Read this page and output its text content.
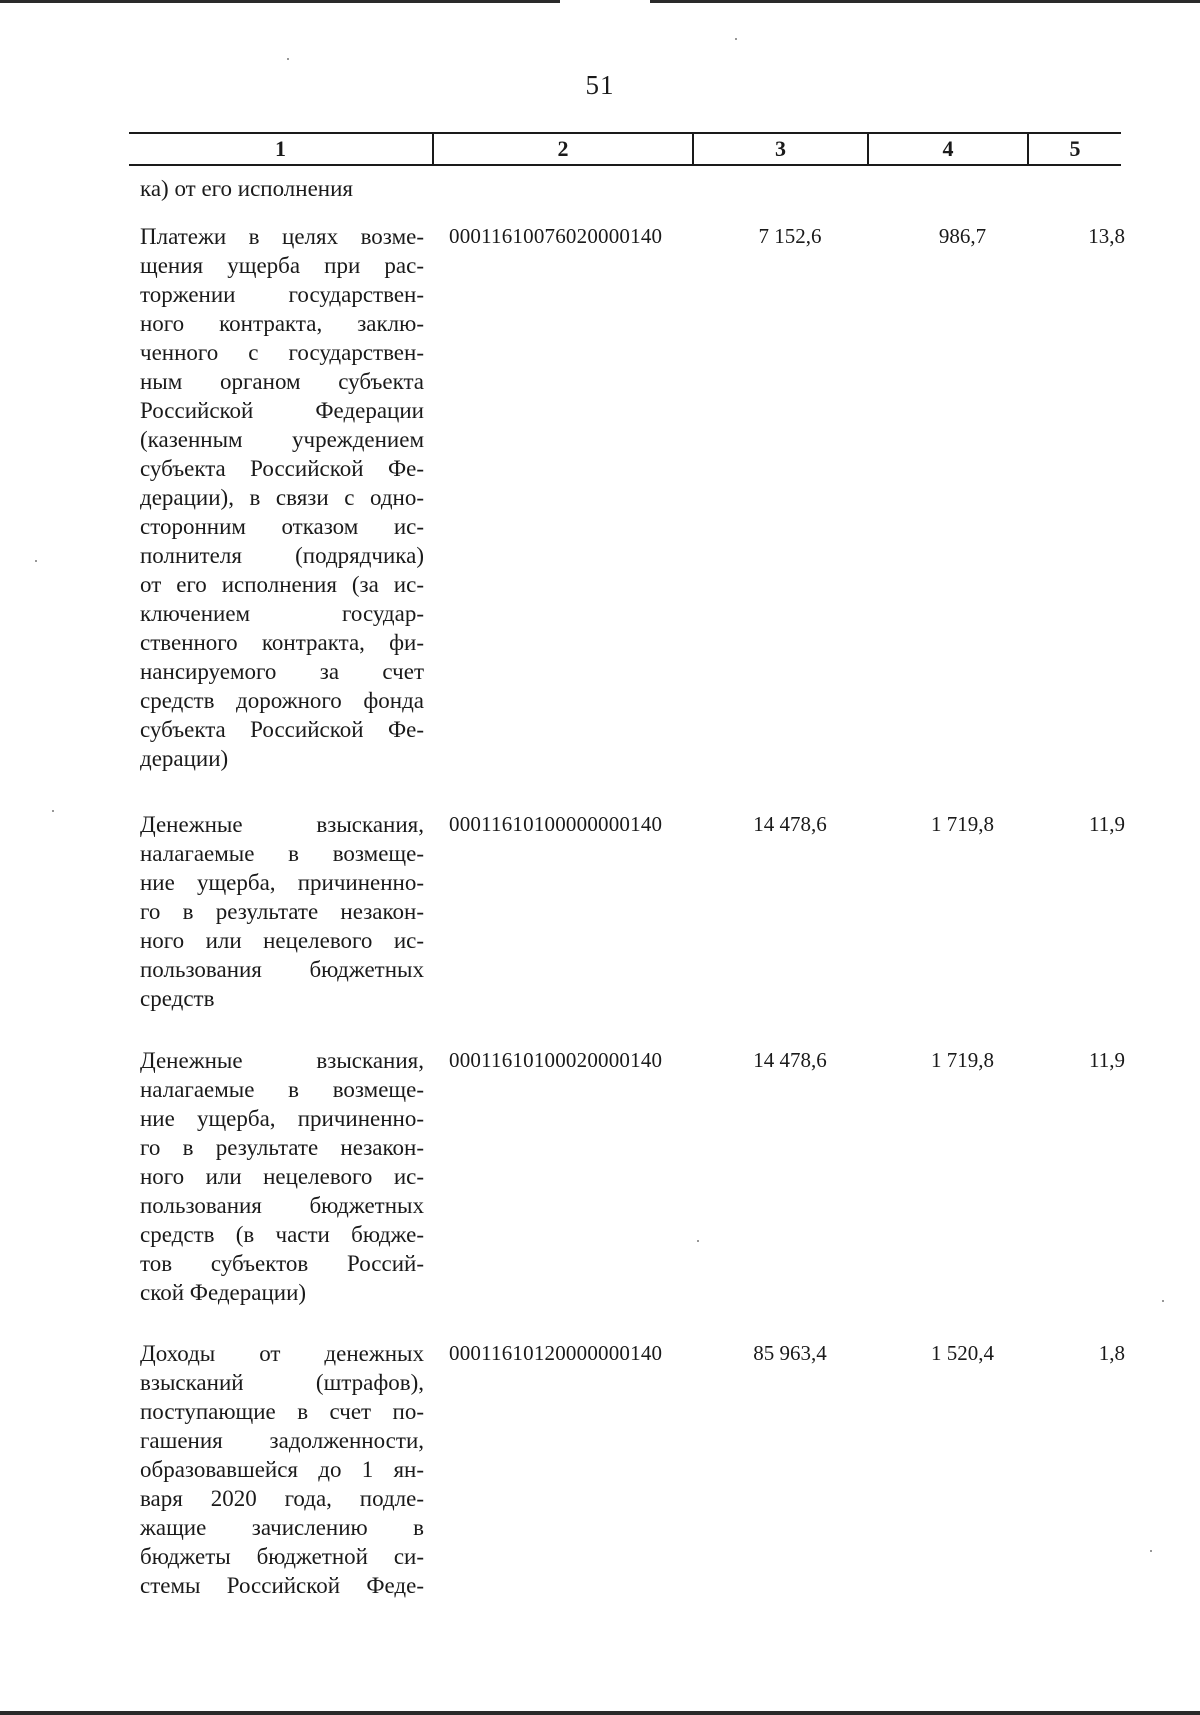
51
1	2	3	4	5
ка) от его исполнения
Платежи в целях возме-
щения ущерба при рас-
торжении государствен-
ного контракта, заклю-
ченного с государствен-
ным органом субъекта
Российской Федерации
(казенным учреждением
субъекта Российской Фе-
дерации), в связи с одно-
сторонним отказом ис-
полнителя (подрядчика)
от его исполнения (за ис-
ключением государ-
ственного контракта, фи-
нансируемого за счет
средств дорожного фонда
субъекта Российской Фе-
дерации)
00011610076020000140	7 152,6	986,7	13,8
Денежные взыскания,
налагаемые в возмеще-
ние ущерба, причиненно-
го в результате незакон-
ного или нецелевого ис-
пользования бюджетных
средств
00011610100000000140	14 478,6	1 719,8	11,9
Денежные взыскания,
налагаемые в возмеще-
ние ущерба, причиненно-
го в результате незакон-
ного или нецелевого ис-
пользования бюджетных
средств (в части бюдже-
тов субъектов Россий-
ской Федерации)
00011610100020000140	14 478,6	1 719,8	11,9
Доходы от денежных
взысканий (штрафов),
поступающие в счет по-
гашения задолженности,
образовавшейся до 1 ян-
варя 2020 года, подле-
жащие зачислению в
бюджеты бюджетной си-
стемы Российской Феде-
00011610120000000140	85 963,4	1 520,4	1,8
